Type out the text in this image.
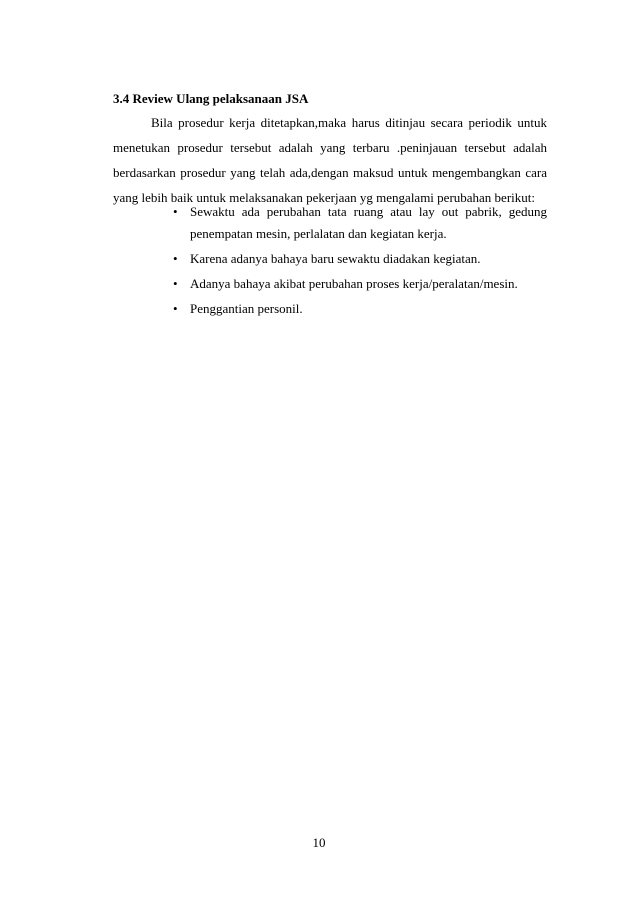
3.4 Review Ulang pelaksanaan JSA
Bila prosedur kerja ditetapkan,maka harus ditinjau secara periodik untuk menetukan prosedur tersebut adalah yang terbaru .peninjauan tersebut adalah berdasarkan prosedur yang telah ada,dengan maksud untuk mengembangkan cara yang lebih baik untuk melaksanakan pekerjaan yg mengalami perubahan berikut:
• Sewaktu ada perubahan tata ruang atau lay out pabrik, gedung penempatan mesin, perlalatan dan kegiatan kerja.
• Karena adanya bahaya baru sewaktu diadakan kegiatan.
• Adanya bahaya akibat perubahan proses kerja/peralatan/mesin.
• Penggantian personil.
10
